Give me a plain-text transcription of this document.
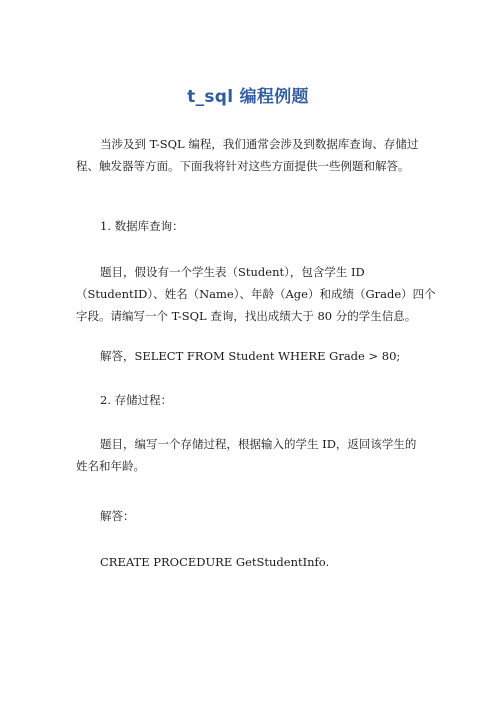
t_sql 编程例题
当涉及到 T-SQL 编程，我们通常会涉及到数据库查询、存储过
程、触发器等方面。下面我将针对这些方面提供一些例题和解答。
1. 数据库查询：
题目，假设有一个学生表（Student），包含学生 ID
（StudentID）、姓名（Name）、年龄（Age）和成绩（Grade）四个
字段。请编写一个 T-SQL 查询，找出成绩大于 80 分的学生信息。
解答，SELECT FROM Student WHERE Grade > 80;
2. 存储过程：
题目，编写一个存储过程，根据输入的学生 ID，返回该学生的
姓名和年龄。
解答：
CREATE PROCEDURE GetStudentInfo.
